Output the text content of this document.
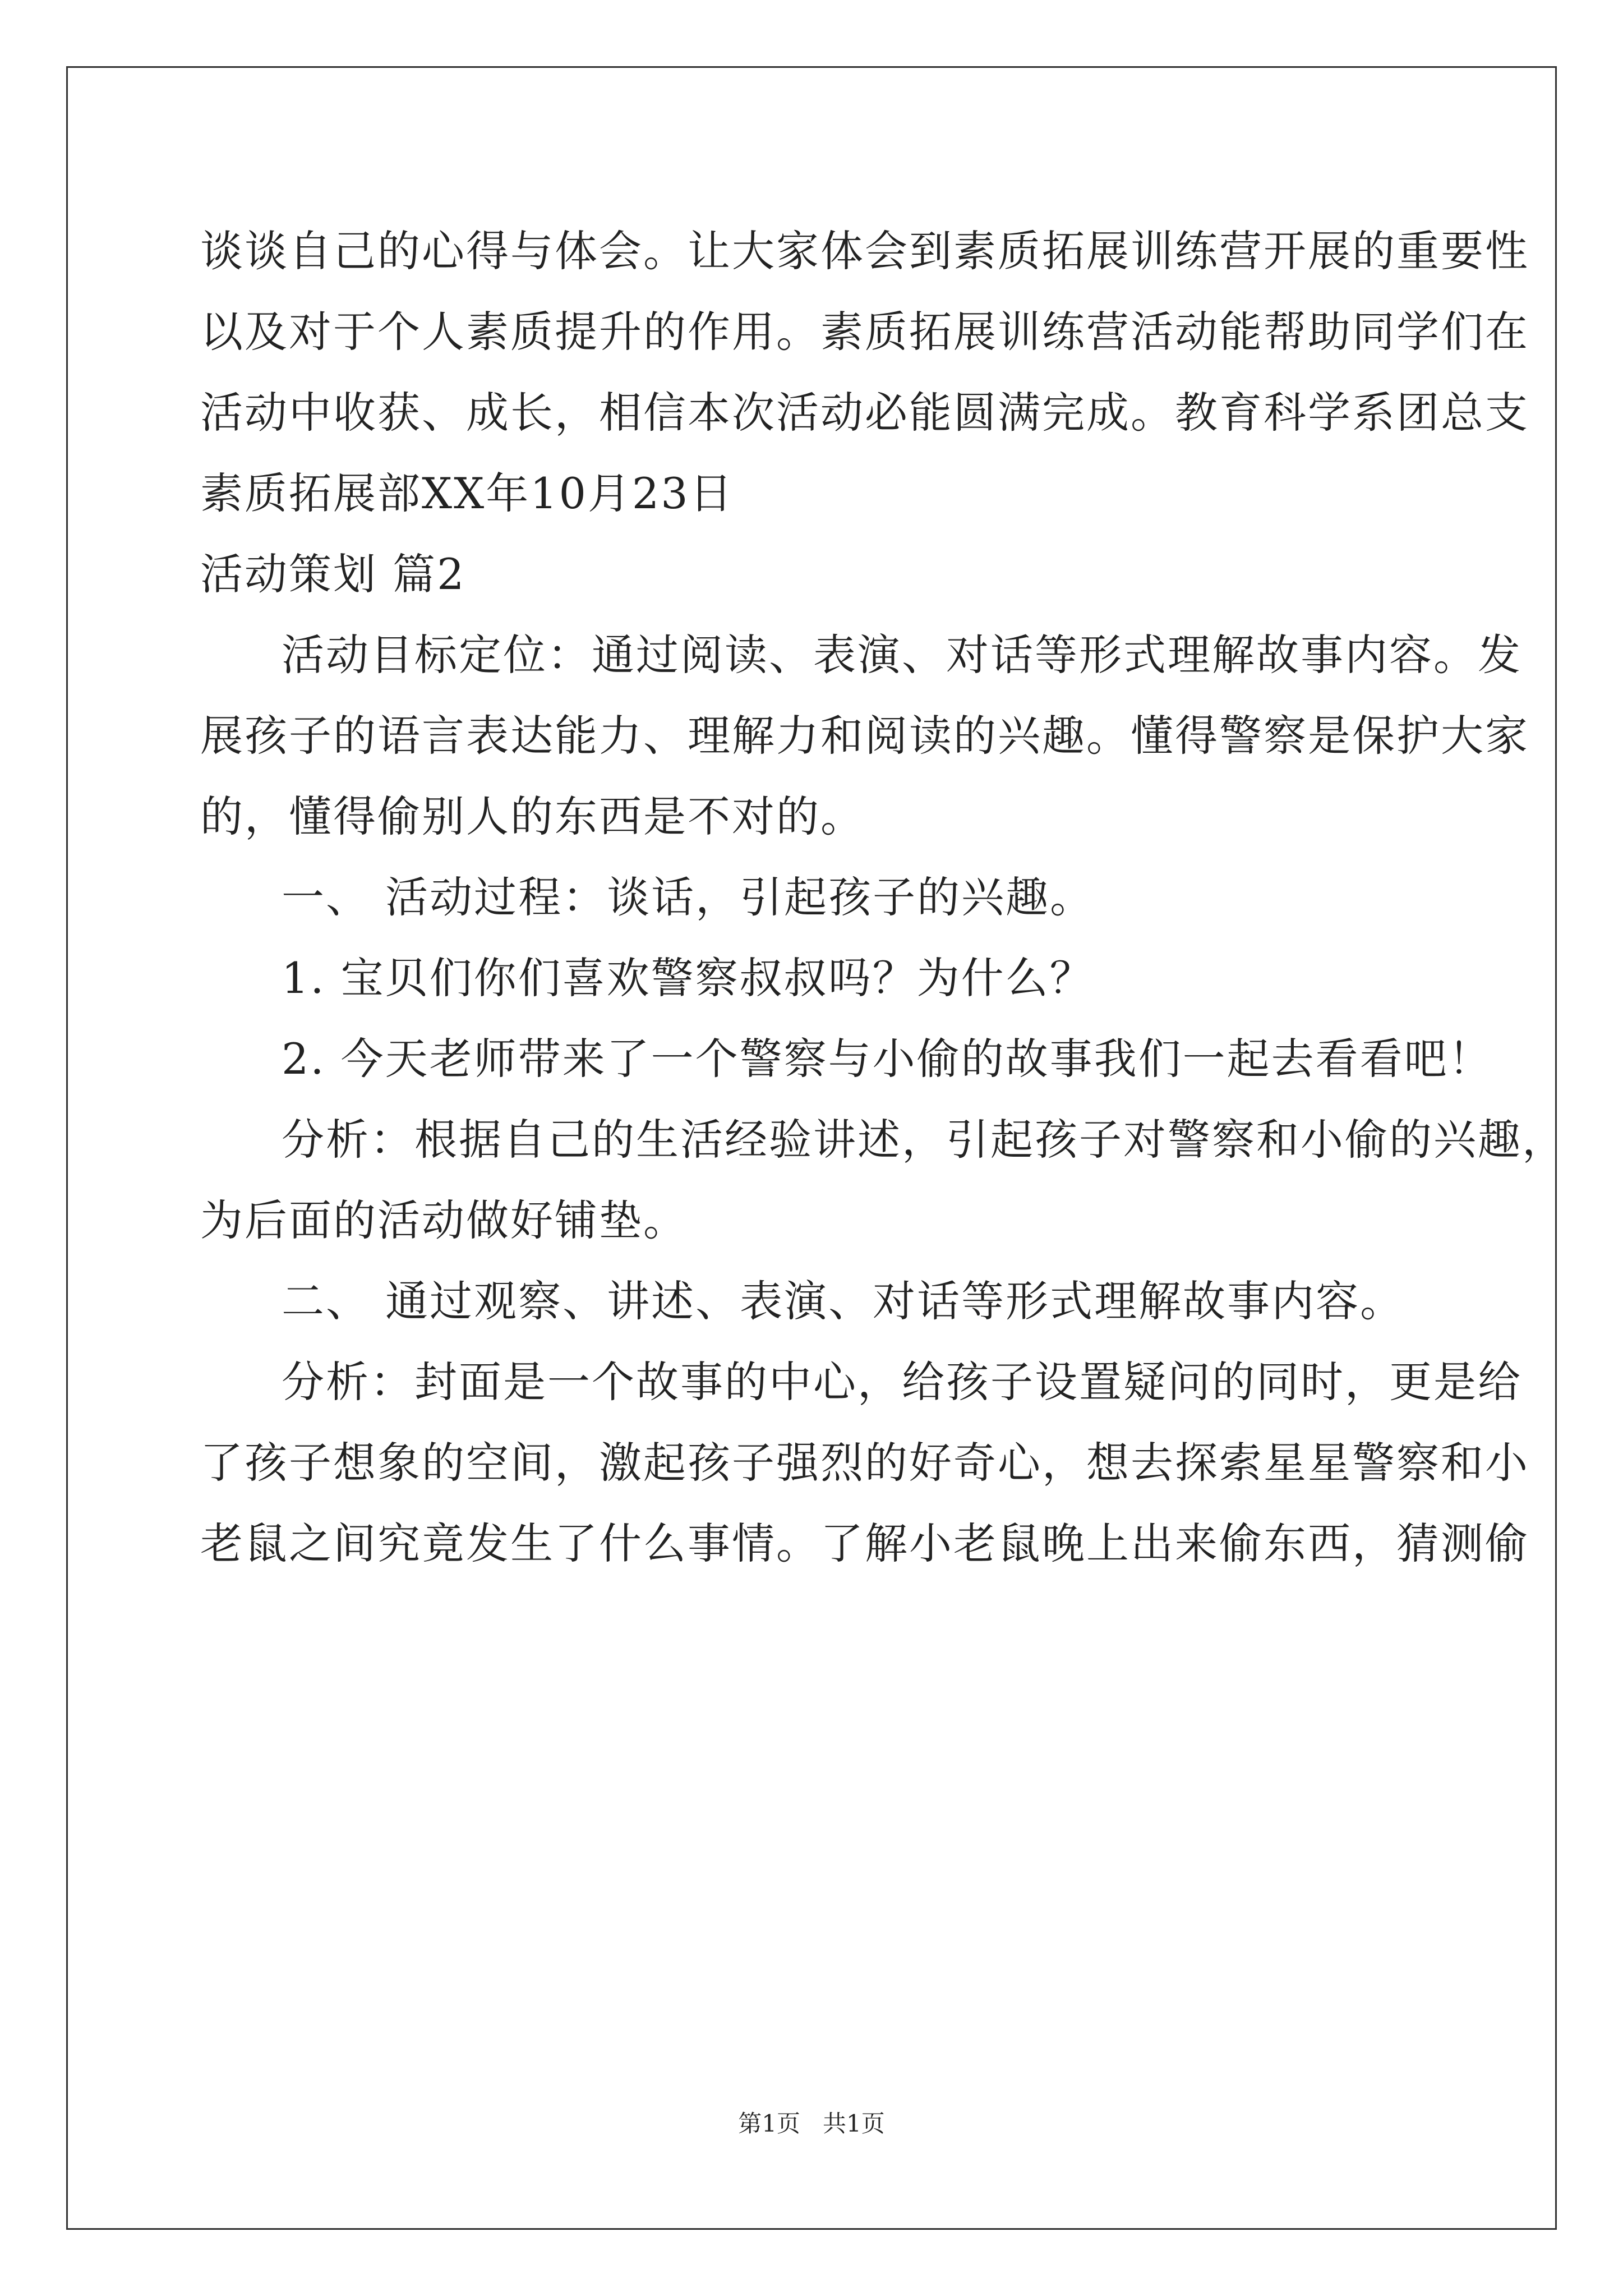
谈谈自己的心得与体会。让大家体会到素质拓展训练营开展的重要性
以及对于个人素质提升的作用。素质拓展训练营活动能帮助同学们在
活动中收获、成长，相信本次活动必能圆满完成。教育科学系团总支
素质拓展部XX年10月23日
活动策划 篇2
活动目标定位：通过阅读、表演、对话等形式理解故事内容。发
展孩子的语言表达能力、理解力和阅读的兴趣。懂得警察是保护大家
的，懂得偷别人的东西是不对的。
一、 活动过程：谈话，引起孩子的兴趣。
1. 宝贝们你们喜欢警察叔叔吗？为什么？
2. 今天老师带来了一个警察与小偷的故事我们一起去看看吧！
分析：根据自己的生活经验讲述，引起孩子对警察和小偷的兴趣，
为后面的活动做好铺垫。
二、 通过观察、讲述、表演、对话等形式理解故事内容。
分析：封面是一个故事的中心，给孩子设置疑问的同时，更是给
了孩子想象的空间，激起孩子强烈的好奇心，想去探索星星警察和小
老鼠之间究竟发生了什么事情。了解小老鼠晚上出来偷东西，猜测偷
第1页   共1页
